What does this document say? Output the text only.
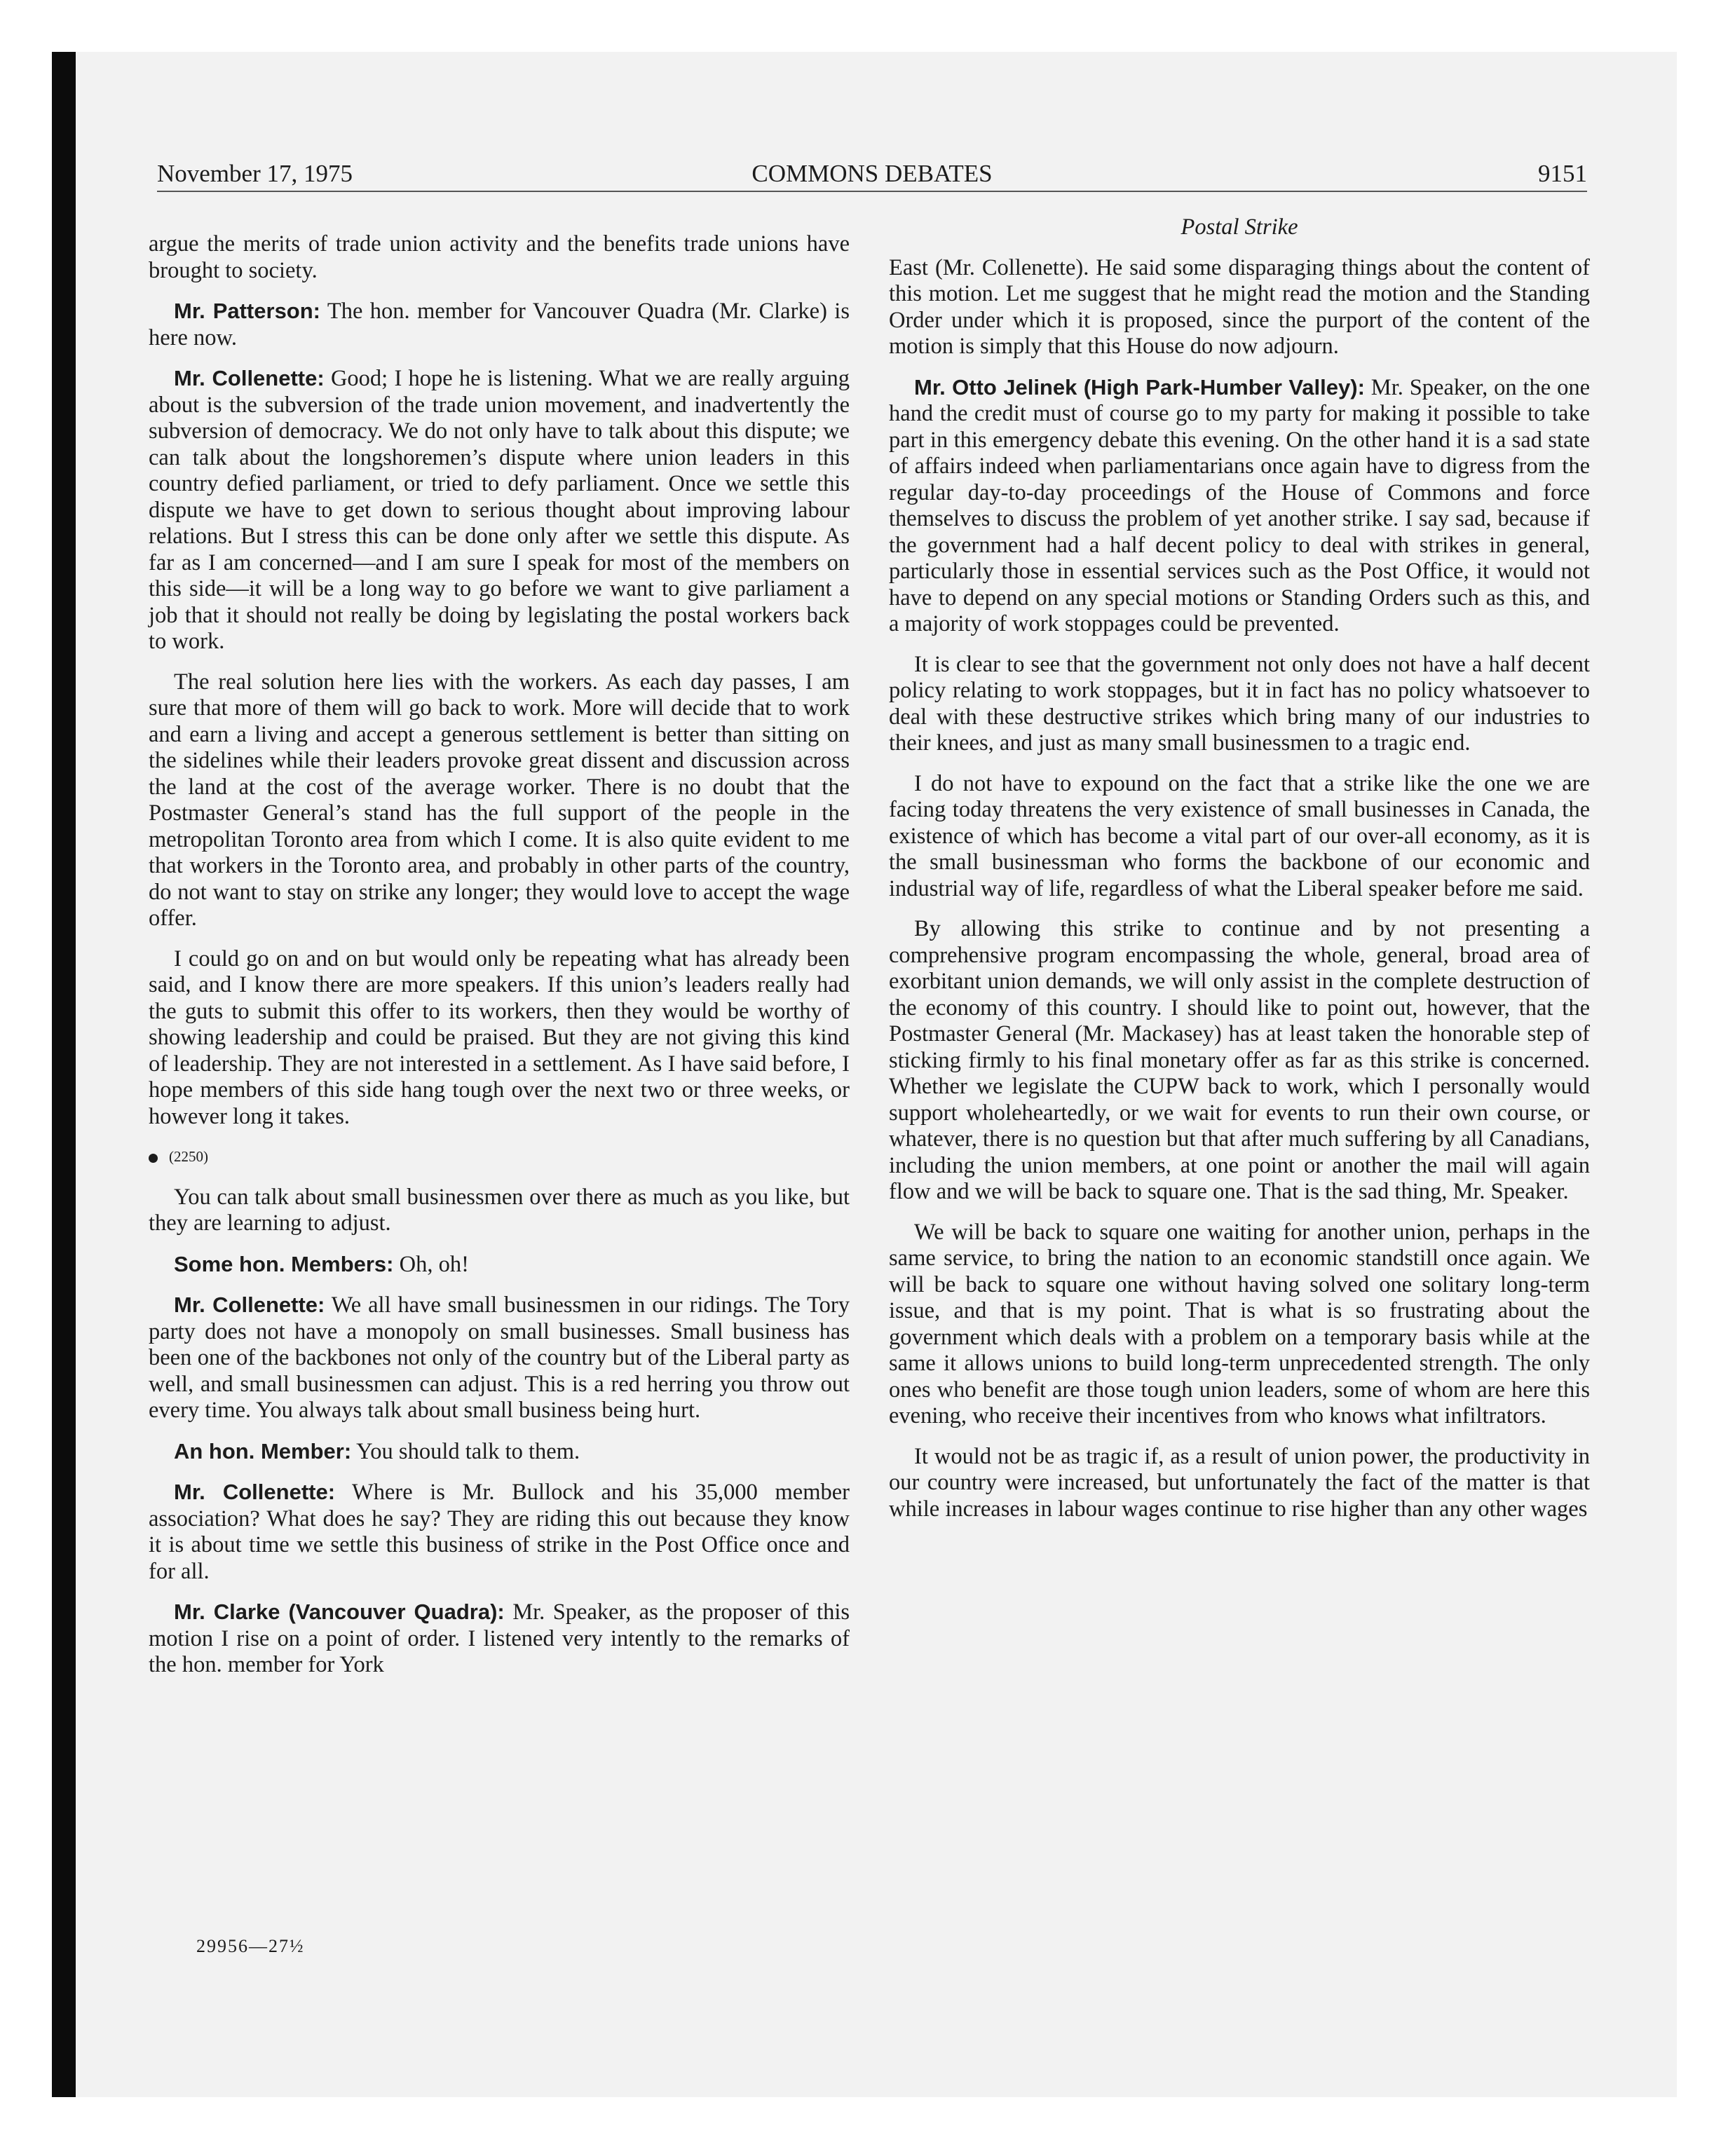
November 17, 1975	COMMONS DEBATES	9151

argue the merits of trade union activity and the benefits trade unions have brought to society.

Mr. Patterson: The hon. member for Vancouver Quadra (Mr. Clarke) is here now.

Mr. Collenette: Good; I hope he is listening. What we are really arguing about is the subversion of the trade union movement, and inadvertently the subversion of democracy. We do not only have to talk about this dispute; we can talk about the longshoremen’s dispute where union leaders in this country defied parliament, or tried to defy parliament. Once we settle this dispute we have to get down to serious thought about improving labour relations. But I stress this can be done only after we settle this dispute. As far as I am concerned—and I am sure I speak for most of the members on this side—it will be a long way to go before we want to give parliament a job that it should not really be doing by legislating the postal workers back to work.

The real solution here lies with the workers. As each day passes, I am sure that more of them will go back to work. More will decide that to work and earn a living and accept a generous settlement is better than sitting on the sidelines while their leaders provoke great dissent and discussion across the land at the cost of the average worker. There is no doubt that the Postmaster General’s stand has the full support of the people in the metropolitan Toronto area from which I come. It is also quite evident to me that workers in the Toronto area, and probably in other parts of the country, do not want to stay on strike any longer; they would love to accept the wage offer.

I could go on and on but would only be repeating what has already been said, and I know there are more speakers. If this union’s leaders really had the guts to submit this offer to its workers, then they would be worthy of showing leadership and could be praised. But they are not giving this kind of leadership. They are not interested in a settlement. As I have said before, I hope members of this side hang tough over the next two or three weeks, or however long it takes.

(2250)

You can talk about small businessmen over there as much as you like, but they are learning to adjust.

Some hon. Members: Oh, oh!

Mr. Collenette: We all have small businessmen in our ridings. The Tory party does not have a monopoly on small businesses. Small business has been one of the backbones not only of the country but of the Liberal party as well, and small businessmen can adjust. This is a red herring you throw out every time. You always talk about small business being hurt.

An hon. Member: You should talk to them.

Mr. Collenette: Where is Mr. Bullock and his 35,000 member association? What does he say? They are riding this out because they know it is about time we settle this business of strike in the Post Office once and for all.

Mr. Clarke (Vancouver Quadra): Mr. Speaker, as the proposer of this motion I rise on a point of order. I listened very intently to the remarks of the hon. member for York

Postal Strike

East (Mr. Collenette). He said some disparaging things about the content of this motion. Let me suggest that he might read the motion and the Standing Order under which it is proposed, since the purport of the content of the motion is simply that this House do now adjourn.

Mr. Otto Jelinek (High Park-Humber Valley): Mr. Speaker, on the one hand the credit must of course go to my party for making it possible to take part in this emergency debate this evening. On the other hand it is a sad state of affairs indeed when parliamentarians once again have to digress from the regular day-to-day proceedings of the House of Commons and force themselves to discuss the problem of yet another strike. I say sad, because if the government had a half decent policy to deal with strikes in general, particularly those in essential services such as the Post Office, it would not have to depend on any special motions or Standing Orders such as this, and a majority of work stoppages could be prevented.

It is clear to see that the government not only does not have a half decent policy relating to work stoppages, but it in fact has no policy whatsoever to deal with these destructive strikes which bring many of our industries to their knees, and just as many small businessmen to a tragic end.

I do not have to expound on the fact that a strike like the one we are facing today threatens the very existence of small businesses in Canada, the existence of which has become a vital part of our over-all economy, as it is the small businessman who forms the backbone of our economic and industrial way of life, regardless of what the Liberal speaker before me said.

By allowing this strike to continue and by not presenting a comprehensive program encompassing the whole, general, broad area of exorbitant union demands, we will only assist in the complete destruction of the economy of this country. I should like to point out, however, that the Postmaster General (Mr. Mackasey) has at least taken the honorable step of sticking firmly to his final monetary offer as far as this strike is concerned. Whether we legislate the CUPW back to work, which I personally would support wholeheartedly, or we wait for events to run their own course, or whatever, there is no question but that after much suffering by all Canadians, including the union members, at one point or another the mail will again flow and we will be back to square one. That is the sad thing, Mr. Speaker.

We will be back to square one waiting for another union, perhaps in the same service, to bring the nation to an economic standstill once again. We will be back to square one without having solved one solitary long-term issue, and that is my point. That is what is so frustrating about the government which deals with a problem on a temporary basis while at the same it allows unions to build long-term unprecedented strength. The only ones who benefit are those tough union leaders, some of whom are here this evening, who receive their incentives from who knows what infiltrators.

It would not be as tragic if, as a result of union power, the productivity in our country were increased, but unfortunately the fact of the matter is that while increases in labour wages continue to rise higher than any other wages

29956—27½
